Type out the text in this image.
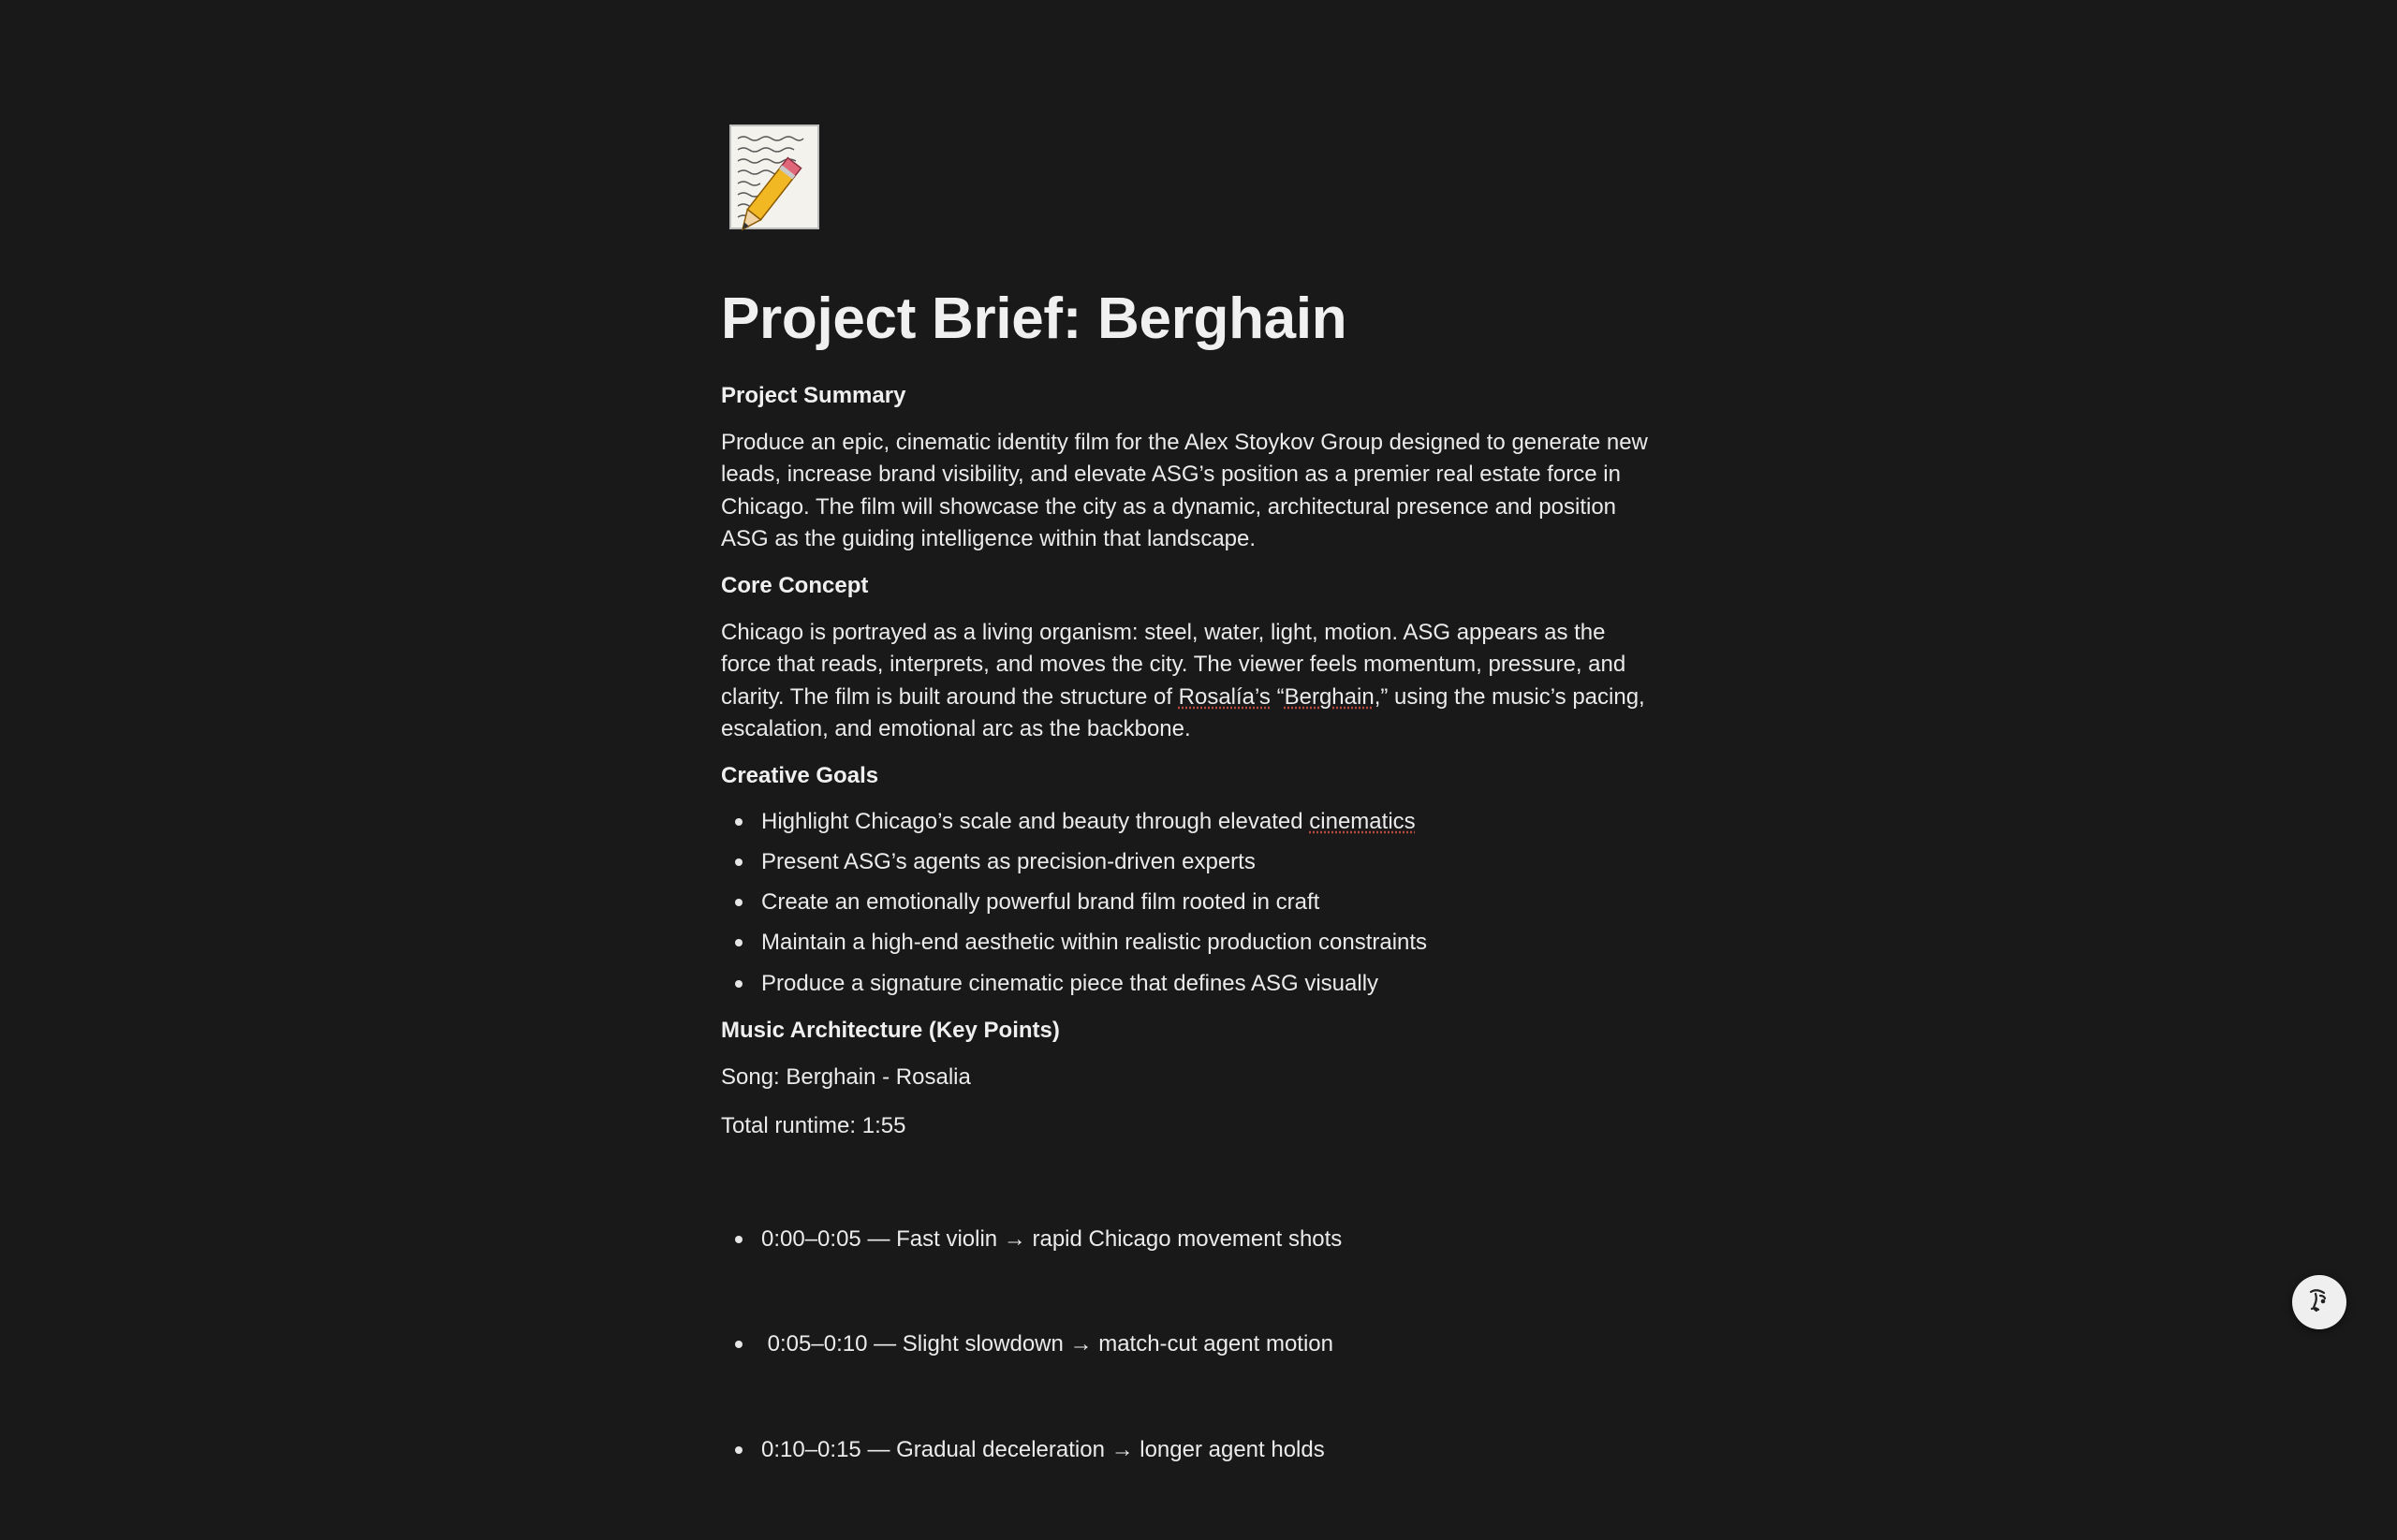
Project Brief: Berghain

Project Summary

Produce an epic, cinematic identity film for the Alex Stoykov Group designed to generate new leads, increase brand visibility, and elevate ASG’s position as a premier real estate force in Chicago. The film will showcase the city as a dynamic, architectural presence and position ASG as the guiding intelligence within that landscape.

Core Concept

Chicago is portrayed as a living organism: steel, water, light, motion. ASG appears as the force that reads, interprets, and moves the city. The viewer feels momentum, pressure, and clarity. The film is built around the structure of Rosalía’s “Berghain,” using the music’s pacing, escalation, and emotional arc as the backbone.

Creative Goals

Highlight Chicago’s scale and beauty through elevated cinematics
Present ASG’s agents as precision-driven experts
Create an emotionally powerful brand film rooted in craft
Maintain a high-end aesthetic within realistic production constraints
Produce a signature cinematic piece that defines ASG visually

Music Architecture (Key Points)

Song: Berghain - Rosalia

Total runtime: 1:55

0:00–0:05 — Fast violin → rapid Chicago movement shots

0:05–0:10 — Slight slowdown → match-cut agent motion

0:10–0:15 — Gradual deceleration → longer agent holds
